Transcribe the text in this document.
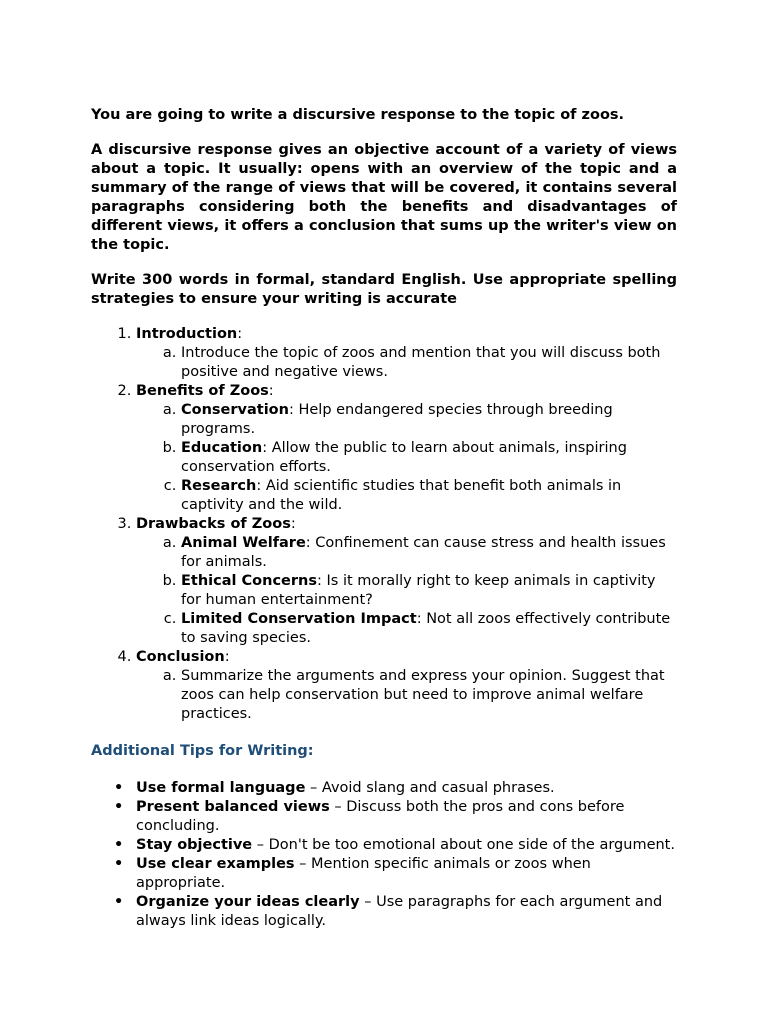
You are going to write a discursive response to the topic of zoos.

A discursive response gives an objective account of a variety of views about a topic. It usually: opens with an overview of the topic and a summary of the range of views that will be covered, it contains several paragraphs considering both the benefits and disadvantages of different views, it offers a conclusion that sums up the writer's view on the topic.

Write 300 words in formal, standard English. Use appropriate spelling strategies to ensure your writing is accurate

1. Introduction:
a. Introduce the topic of zoos and mention that you will discuss both positive and negative views.
2. Benefits of Zoos:
a. Conservation: Help endangered species through breeding programs.
b. Education: Allow the public to learn about animals, inspiring conservation efforts.
c. Research: Aid scientific studies that benefit both animals in captivity and the wild.
3. Drawbacks of Zoos:
a. Animal Welfare: Confinement can cause stress and health issues for animals.
b. Ethical Concerns: Is it morally right to keep animals in captivity for human entertainment?
c. Limited Conservation Impact: Not all zoos effectively contribute to saving species.
4. Conclusion:
a. Summarize the arguments and express your opinion. Suggest that zoos can help conservation but need to improve animal welfare practices.

Additional Tips for Writing:

• Use formal language – Avoid slang and casual phrases.
• Present balanced views – Discuss both the pros and cons before concluding.
• Stay objective – Don't be too emotional about one side of the argument.
• Use clear examples – Mention specific animals or zoos when appropriate.
• Organize your ideas clearly – Use paragraphs for each argument and always link ideas logically.
